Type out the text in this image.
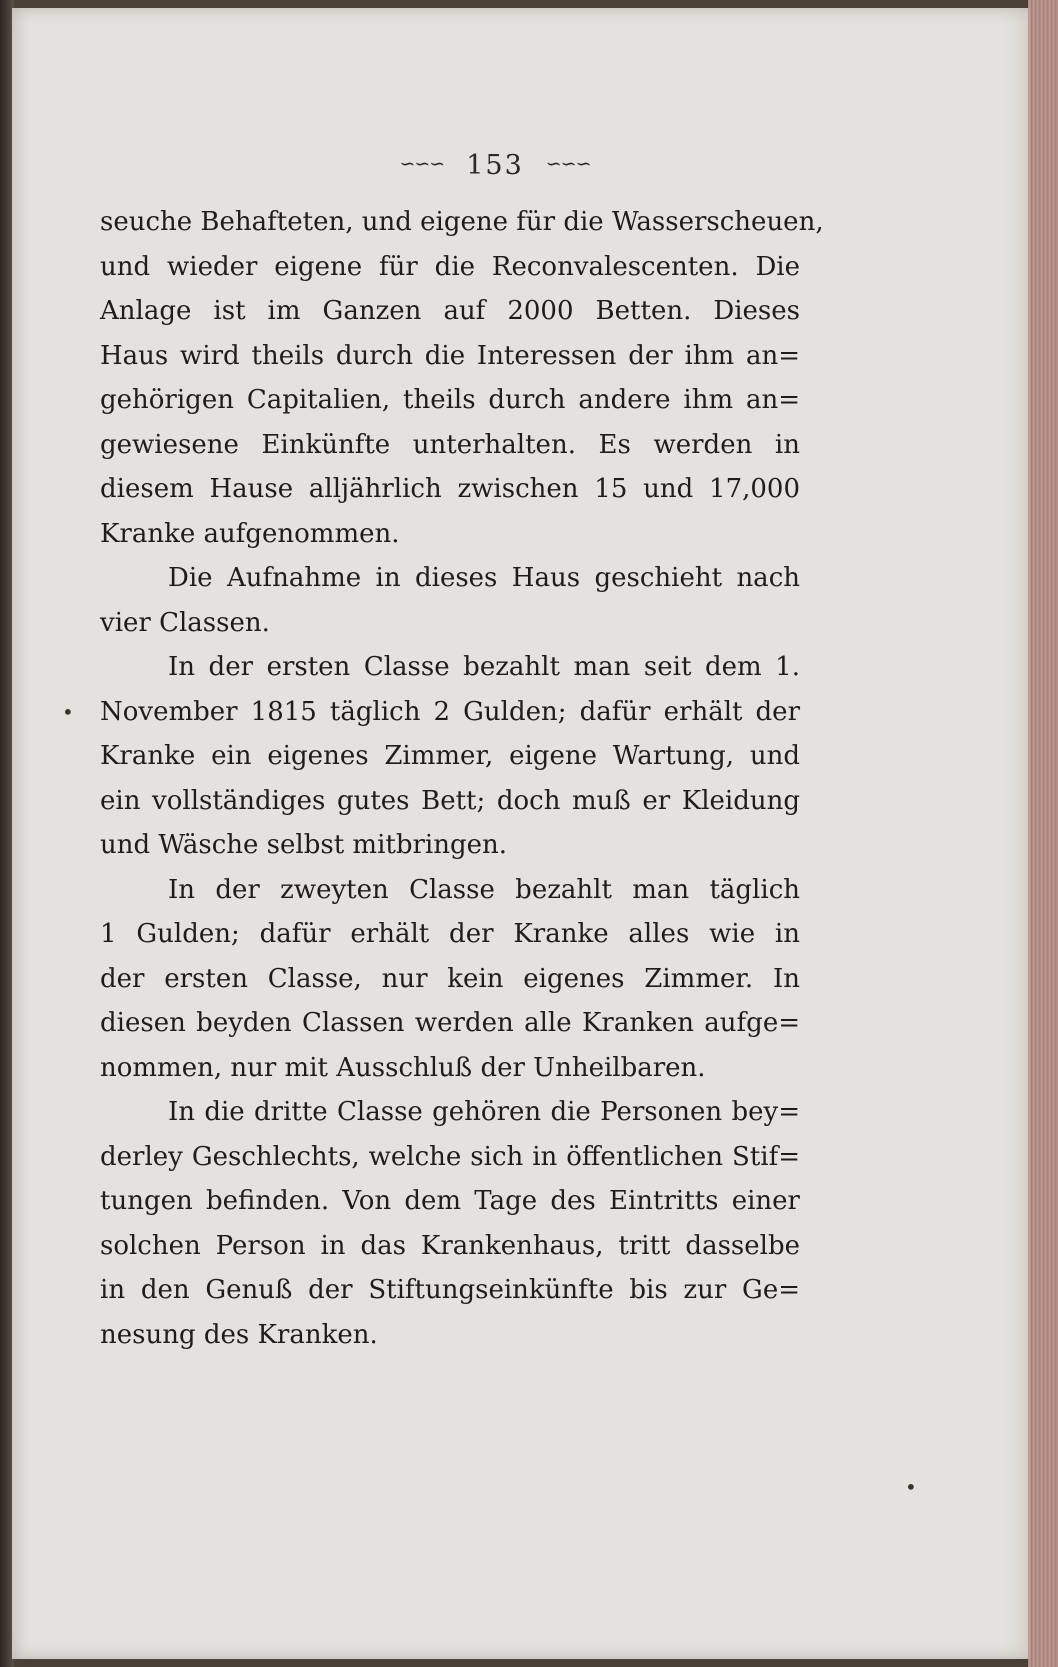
∽∽∽ 153 ∽∽∽
seuche Behafteten, und eigene für die Wasserscheuen,
und wieder eigene für die Reconvalescenten. Die
Anlage ist im Ganzen auf 2000 Betten. Dieses
Haus wird theils durch die Interessen der ihm an=
gehörigen Capitalien, theils durch andere ihm an=
gewiesene Einkünfte unterhalten. Es werden in
diesem Hause alljährlich zwischen 15 und 17,000
Kranke aufgenommen.
Die Aufnahme in dieses Haus geschieht nach
vier Classen.
In der ersten Classe bezahlt man seit dem 1.
November 1815 täglich 2 Gulden; dafür erhält der
Kranke ein eigenes Zimmer, eigene Wartung, und
ein vollständiges gutes Bett; doch muß er Kleidung
und Wäsche selbst mitbringen.
In der zweyten Classe bezahlt man täglich
1 Gulden; dafür erhält der Kranke alles wie in
der ersten Classe, nur kein eigenes Zimmer. In
diesen beyden Classen werden alle Kranken aufge=
nommen, nur mit Ausschluß der Unheilbaren.
In die dritte Classe gehören die Personen bey=
derley Geschlechts, welche sich in öffentlichen Stif=
tungen befinden. Von dem Tage des Eintritts einer
solchen Person in das Krankenhaus, tritt dasselbe
in den Genuß der Stiftungseinkünfte bis zur Ge=
nesung des Kranken.
•
•
